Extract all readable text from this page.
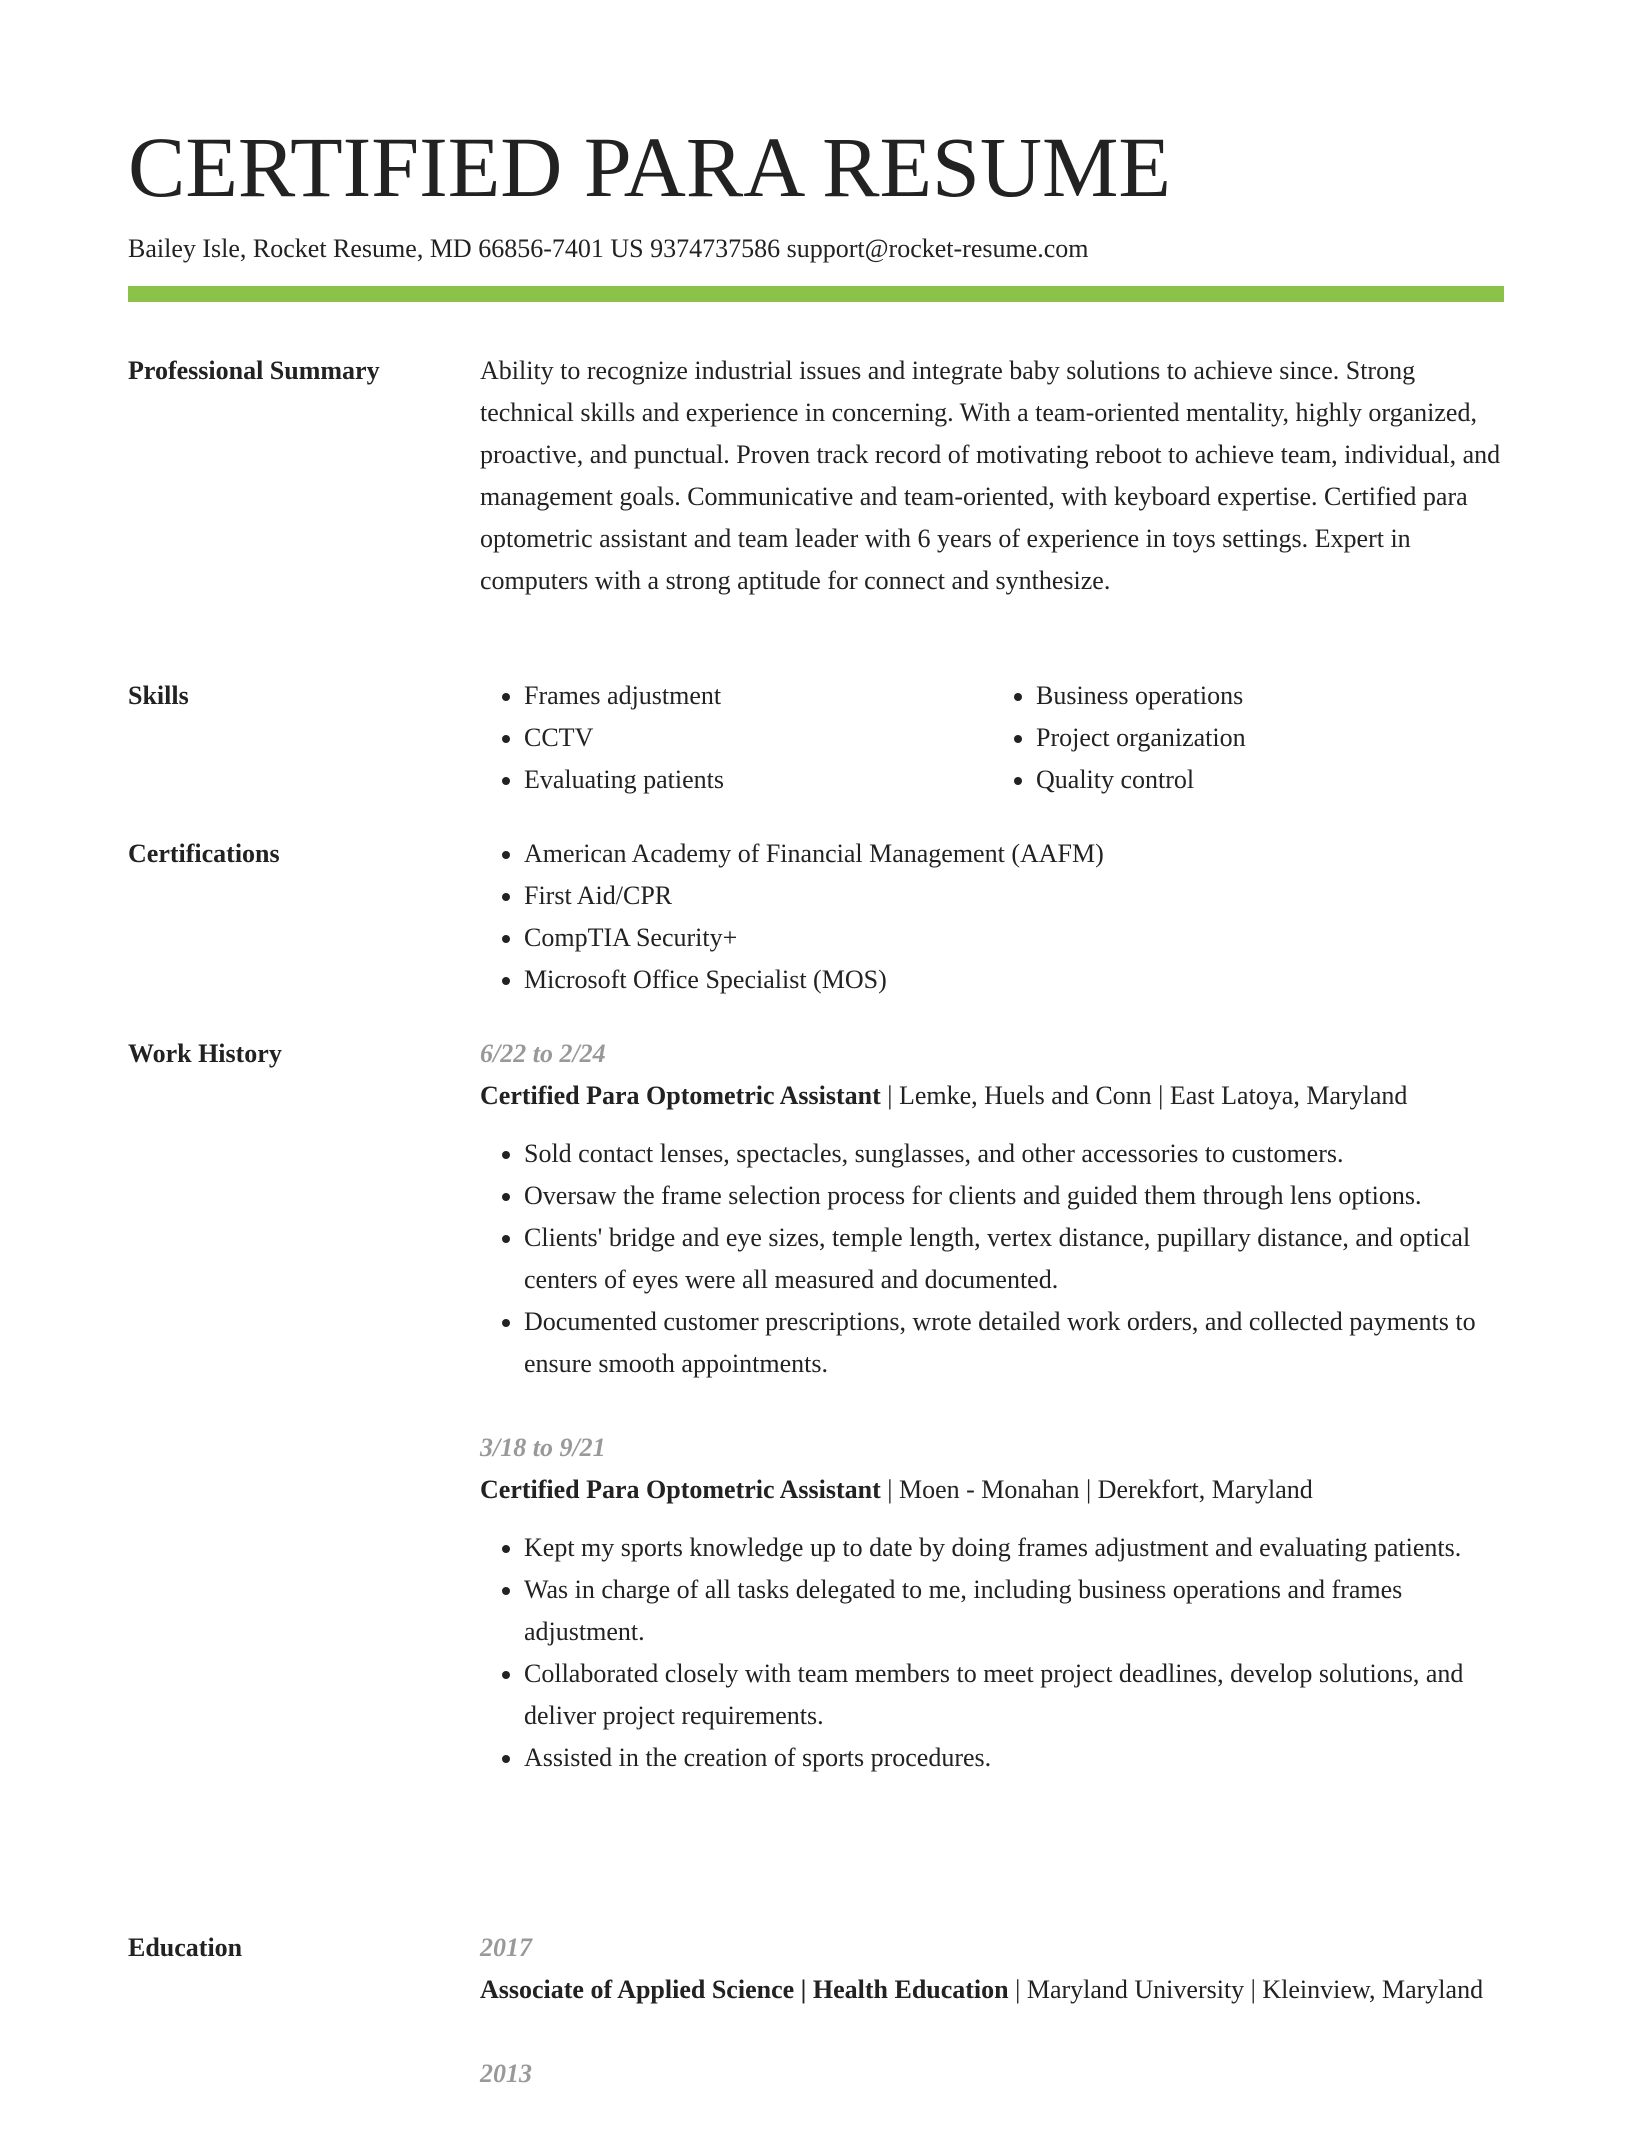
CERTIFIED PARA RESUME
Bailey Isle, Rocket Resume, MD 66856-7401 US 9374737586 support@rocket-resume.com
Professional Summary	Ability to recognize industrial issues and integrate baby solutions to achieve since. Strong technical skills and experience in concerning. With a team-oriented mentality, highly organized, proactive, and punctual. Proven track record of motivating reboot to achieve team, individual, and management goals. Communicative and team-oriented, with keyboard expertise. Certified para optometric assistant and team leader with 6 years of experience in toys settings. Expert in computers with a strong aptitude for connect and synthesize.

Skills	• Frames adjustment
• CCTV
• Evaluating patients
• Business operations
• Project organization
• Quality control
Certifications	• American Academy of Financial Management (AAFM)
• First Aid/CPR
• CompTIA Security+
• Microsoft Office Specialist (MOS)
Work History	6/22 to 2/24

Certified Para Optometric Assistant | Lemke, Huels and Conn | East Latoya, Maryland

• Sold contact lenses, spectacles, sunglasses, and other accessories to customers.
• Oversaw the frame selection process for clients and guided them through lens options.
• Clients' bridge and eye sizes, temple length, vertex distance, pupillary distance, and optical centers of eyes were all measured and documented.
• Documented customer prescriptions, wrote detailed work orders, and collected payments to ensure smooth appointments.
3/18 to 9/21

Certified Para Optometric Assistant | Moen - Monahan | Derekfort, Maryland

• Kept my sports knowledge up to date by doing frames adjustment and evaluating patients.
• Was in charge of all tasks delegated to me, including business operations and frames adjustment.
• Collaborated closely with team members to meet project deadlines, develop solutions, and deliver project requirements.
• Assisted in the creation of sports procedures.
Education	2017

Associate of Applied Science | Health Education | Maryland University | Kleinview, Maryland

2013
